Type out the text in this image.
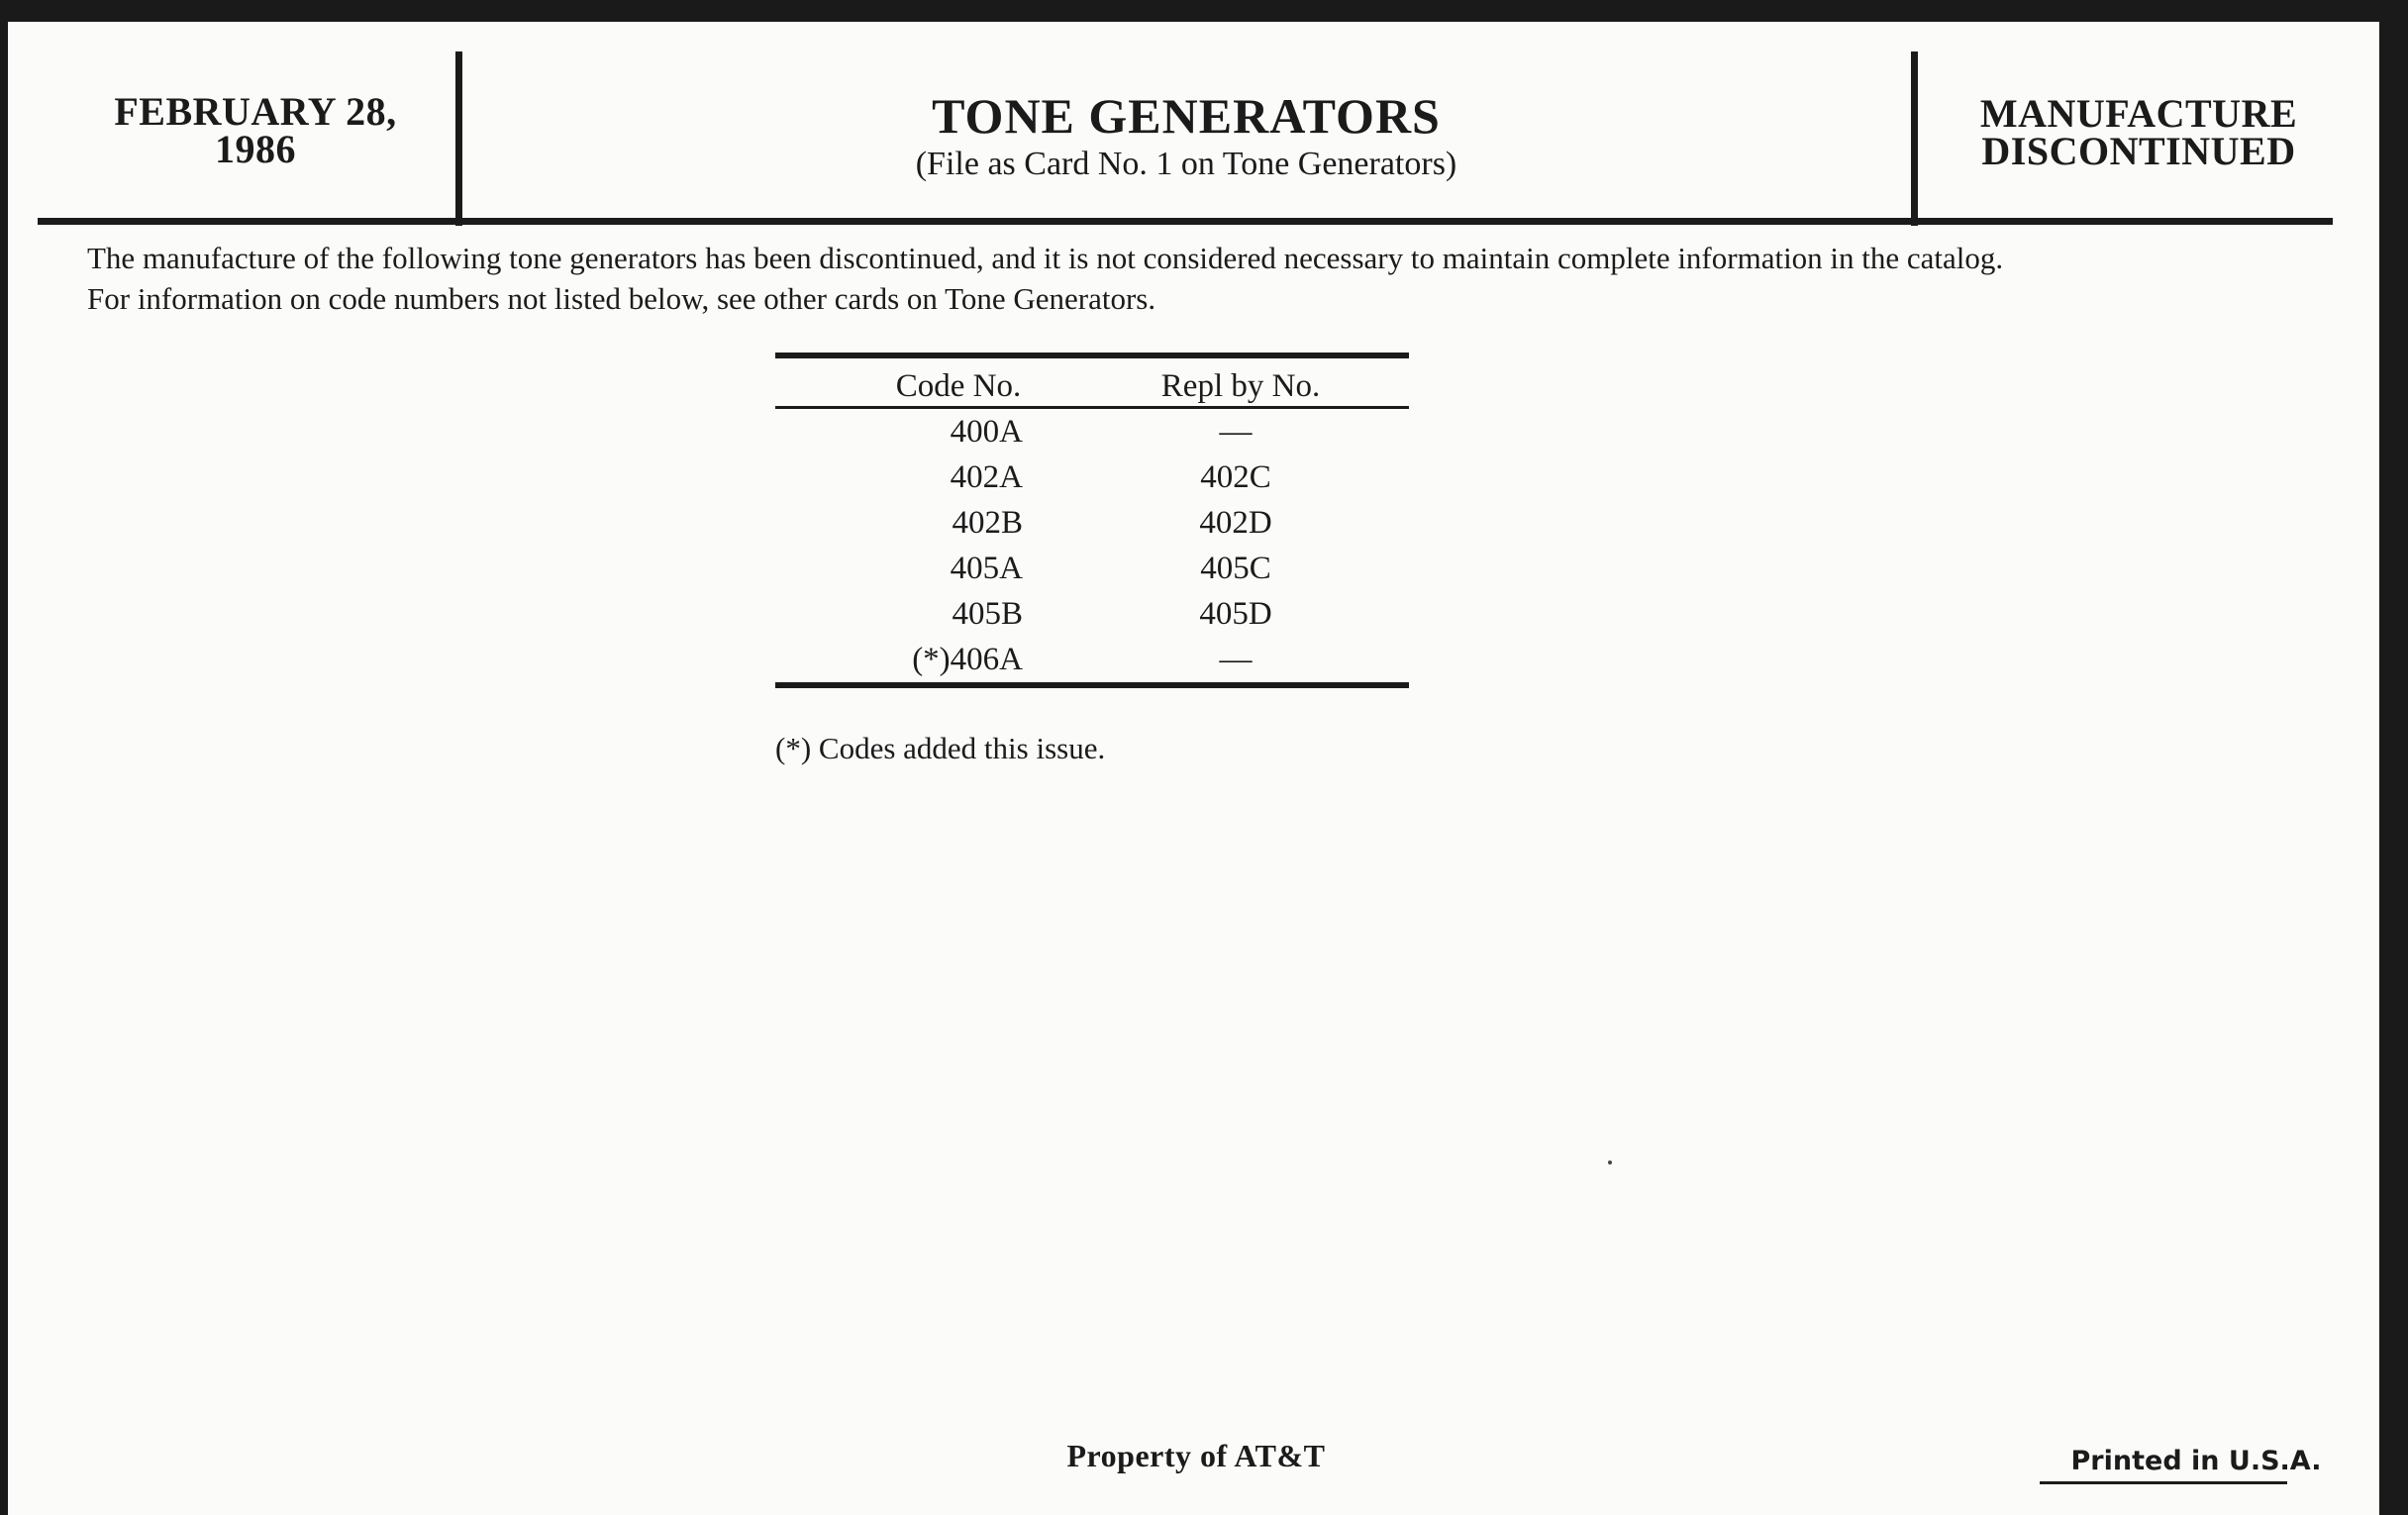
FEBRUARY 28,
1986
TONE GENERATORS
(File as Card No. 1 on Tone Generators)
MANUFACTURE
DISCONTINUED

The manufacture of the following tone generators has been discontinued, and it is not considered necessary to maintain complete information in the catalog.

For information on code numbers not listed below, see other cards on Tone Generators.

Code No.	Repl by No.
400A	—
402A	402C
402B	402D
405A	405C
405B	405D
(*)406A	—
(*) Codes added this issue.
Property of AT&T	Printed in U.S.A.
